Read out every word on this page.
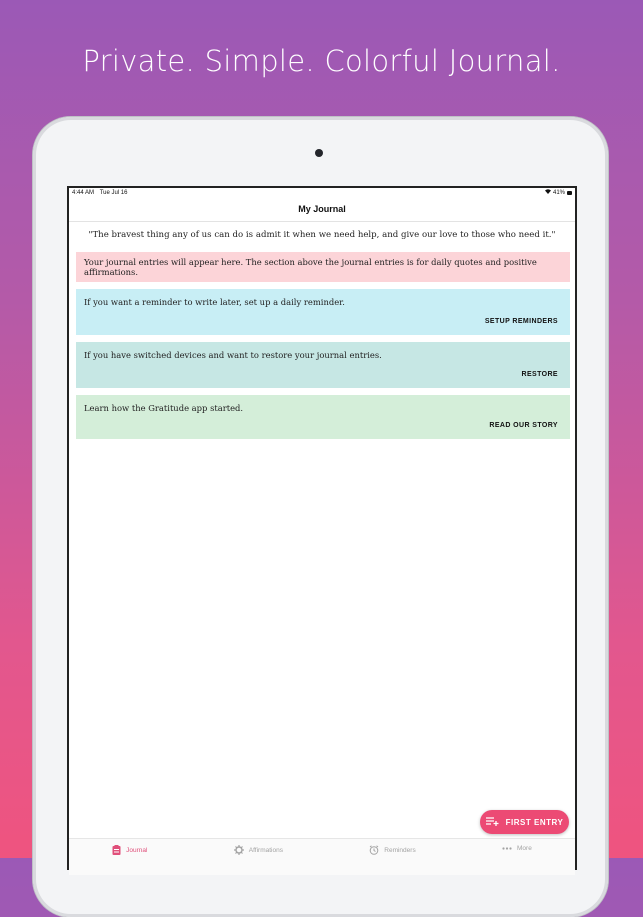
Private. Simple. Colorful Journal.
4:44 AM Tue Jul 16	41%
My Journal
"The bravest thing any of us can do is admit it when we need help, and give our love to those who need it."
Your journal entries will appear here. The section above the journal entries is for daily quotes and positive affirmations.
If you want a reminder to write later, set up a daily reminder.
SETUP REMINDERS
If you have switched devices and want to restore your journal entries.
RESTORE
Learn how the Gratitude app started.
READ OUR STORY
Journal	Affirmations	Reminders	More
FIRST ENTRY
